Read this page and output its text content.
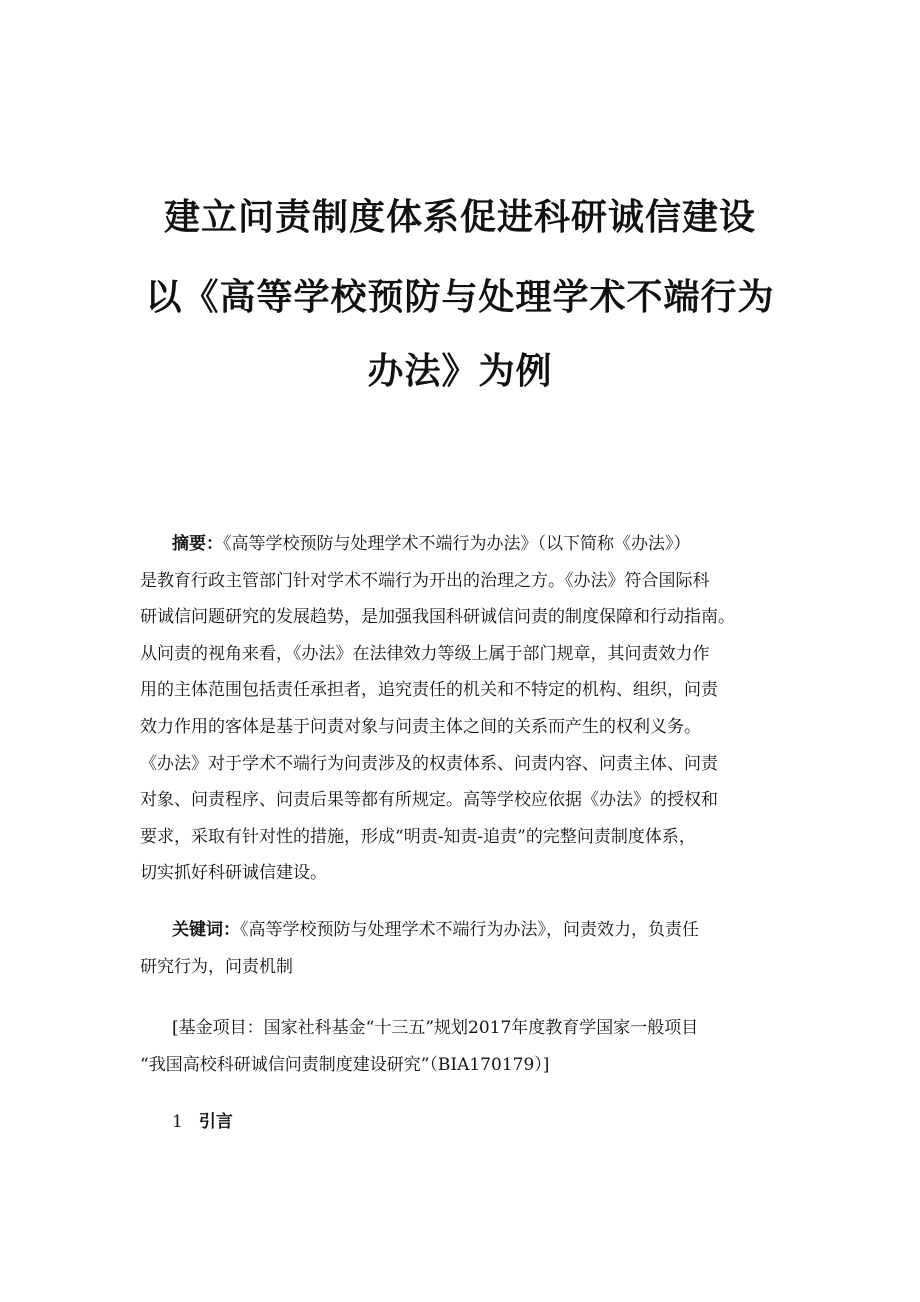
建立问责制度体系促进科研诚信建设
以《高等学校预防与处理学术不端行为
办法》为例
摘要：《高等学校预防与处理学术不端行为办法》（以下简称《办法》）
是教育行政主管部门针对学术不端行为开出的治理之方。《办法》符合国际科
研诚信问题研究的发展趋势，是加强我国科研诚信问责的制度保障和行动指南。
从问责的视角来看，《办法》在法律效力等级上属于部门规章，其问责效力作
用的主体范围包括责任承担者，追究责任的机关和不特定的机构、组织，问责
效力作用的客体是基于问责对象与问责主体之间的关系而产生的权利义务。
《办法》对于学术不端行为问责涉及的权责体系、问责内容、问责主体、问责
对象、问责程序、问责后果等都有所规定。高等学校应依据《办法》的授权和
要求，采取有针对性的措施，形成“明责-知责-追责”的完整问责制度体系，
切实抓好科研诚信建设。
关键词：《高等学校预防与处理学术不端行为办法》，问责效力，负责任
研究行为，问责机制
[基金项目：国家社科基金“十三五”规划2017年度教育学国家一般项目
“我国高校科研诚信问责制度建设研究”（BIA170179）]
1 引言
